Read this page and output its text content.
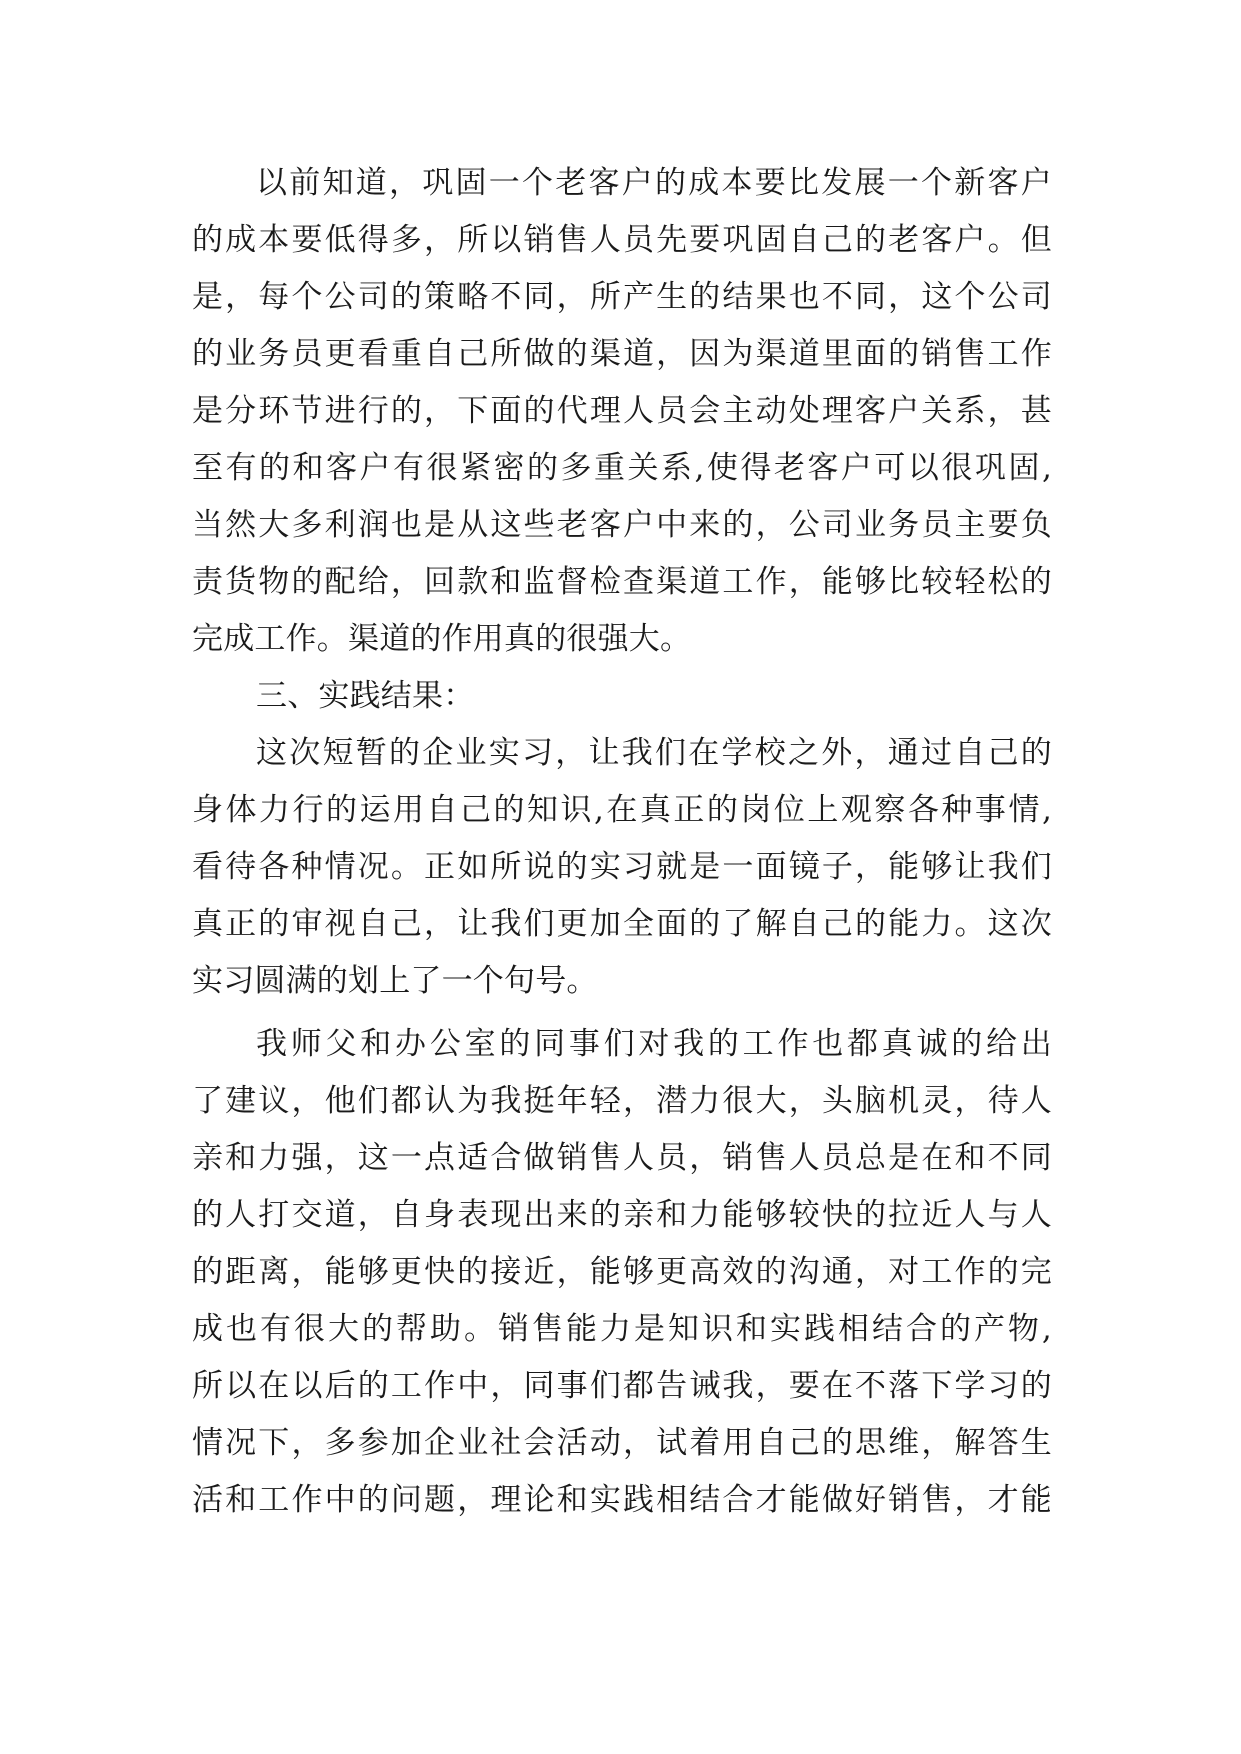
以前知道，巩固一个老客户的成本要比发展一个新客户
的成本要低得多，所以销售人员先要巩固自己的老客户。但
是，每个公司的策略不同，所产生的结果也不同，这个公司
的业务员更看重自己所做的渠道，因为渠道里面的销售工作
是分环节进行的，下面的代理人员会主动处理客户关系，甚
至有的和客户有很紧密的多重关系,使得老客户可以很巩固,
当然大多利润也是从这些老客户中来的，公司业务员主要负
责货物的配给，回款和监督检查渠道工作，能够比较轻松的
完成工作。渠道的作用真的很强大。
三、实践结果：
这次短暂的企业实习，让我们在学校之外，通过自己的
身体力行的运用自己的知识,在真正的岗位上观察各种事情,
看待各种情况。正如所说的实习就是一面镜子，能够让我们
真正的审视自己，让我们更加全面的了解自己的能力。这次
实习圆满的划上了一个句号。
我师父和办公室的同事们对我的工作也都真诚的给出
了建议，他们都认为我挺年轻，潜力很大，头脑机灵，待人
亲和力强，这一点适合做销售人员，销售人员总是在和不同
的人打交道，自身表现出来的亲和力能够较快的拉近人与人
的距离，能够更快的接近，能够更高效的沟通，对工作的完
成也有很大的帮助。销售能力是知识和实践相结合的产物,
所以在以后的工作中，同事们都告诫我，要在不落下学习的
情况下，多参加企业社会活动，试着用自己的思维，解答生
活和工作中的问题，理论和实践相结合才能做好销售，才能
